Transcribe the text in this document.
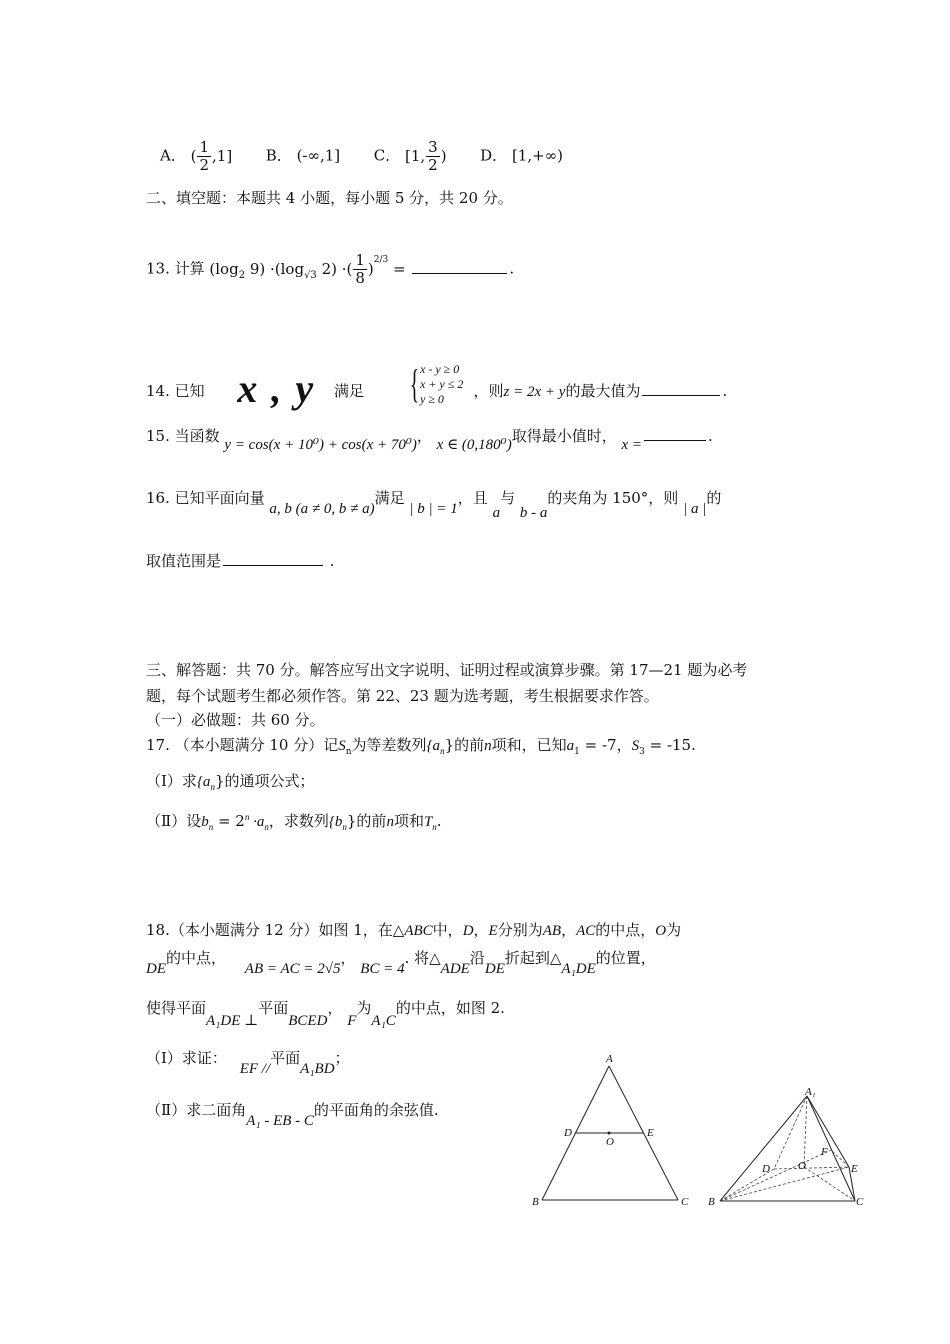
A． ( $\frac{1}{2} ,1$] B． (-∞,1] C． [1, $\frac{3}{2}$ ) D． [1,+∞)
二、填空题：本题共 4 小题，每小题 5 分，共 20 分。
13. 计算 ($\log_2$ $9) \cdot(\log_{√3}$ 2) ·( $\frac{1}{8} )^{2/3}$ =	.
14. 已知 x , y 满足	，则z = 2x + y的最大值为	.
{ x - y ≥ 0
x + y ≤ 2
y ≥ 0
15. 当函数 y = cos(x + 10⁰) + cos(x + 70⁰)， x ∈ (0,180⁰)取得最小值时， x =	.
16. 已知平面向量 a, b (a ≠ 0, b ≠ a)满足 | b | = 1，且 a与 b - a的夹角为 150°，则 | a |的
取值范围是	.
三、解答题：共 70 分。解答应写出文字说明、证明过程或演算步骤。第 17—21 题为必考
题，每个试题考生都必须作答。第 22、23 题为选考题，考生根据要求作答。
（一）必做题：共 60 分。
17. （本小题满分 10 分）记$S_n$为等差数列$\{a_n\}$的前n项和，已知$a_1 = -7$，$S_3 = -15$.
（Ⅰ）求$\{a_n\}$的通项公式；
（Ⅱ）设$b_n = 2^n \cdot a_n$，求数列$\{b_n\}$的前n项和$T_n$.
18.（本小题满分 12 分）如图 1，在△ABC中，D，E分别为AB，AC的中点，O为
DE的中点， AB = AC = 2√5， BC = 4. 将△ADE沿DE折起到△A₁DE的位置，
使得平面A₁DE ⊥平面BCED， F为A₁C的中点，如图 2.
（Ⅰ）求证： EF //平面A₁BD；
（Ⅱ）求二面角A₁ - EB - C的平面角的余弦值.
A
B	C
D	E
O
A₁
B	C
D	E
O
F
